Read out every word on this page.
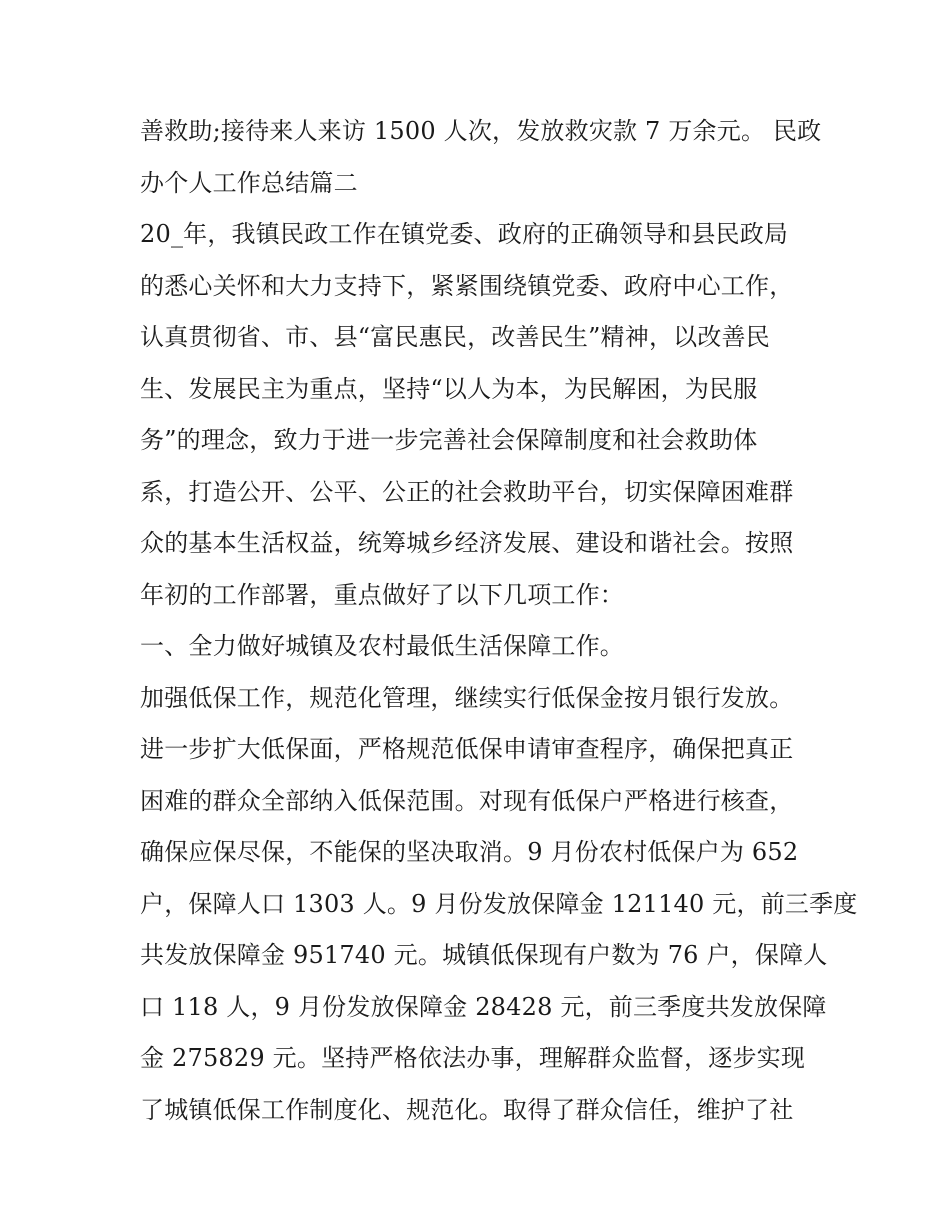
善救助;接待来人来访 1500 人次，发放救灾款 7 万余元。 民政
办个人工作总结篇二
20_年，我镇民政工作在镇党委、政府的正确领导和县民政局
的悉心关怀和大力支持下，紧紧围绕镇党委、政府中心工作，
认真贯彻省、市、县“富民惠民，改善民生”精神，以改善民
生、发展民主为重点，坚持“以人为本，为民解困，为民服
务”的理念，致力于进一步完善社会保障制度和社会救助体
系，打造公开、公平、公正的社会救助平台，切实保障困难群
众的基本生活权益，统筹城乡经济发展、建设和谐社会。按照
年初的工作部署，重点做好了以下几项工作：
一、全力做好城镇及农村最低生活保障工作。
加强低保工作，规范化管理，继续实行低保金按月银行发放。
进一步扩大低保面，严格规范低保申请审查程序，确保把真正
困难的群众全部纳入低保范围。对现有低保户严格进行核查，
确保应保尽保，不能保的坚决取消。9 月份农村低保户为 652
户，保障人口 1303 人。9 月份发放保障金 121140 元，前三季度
共发放保障金 951740 元。城镇低保现有户数为 76 户，保障人
口 118 人，9 月份发放保障金 28428 元，前三季度共发放保障
金 275829 元。坚持严格依法办事，理解群众监督，逐步实现
了城镇低保工作制度化、规范化。取得了群众信任，维护了社
